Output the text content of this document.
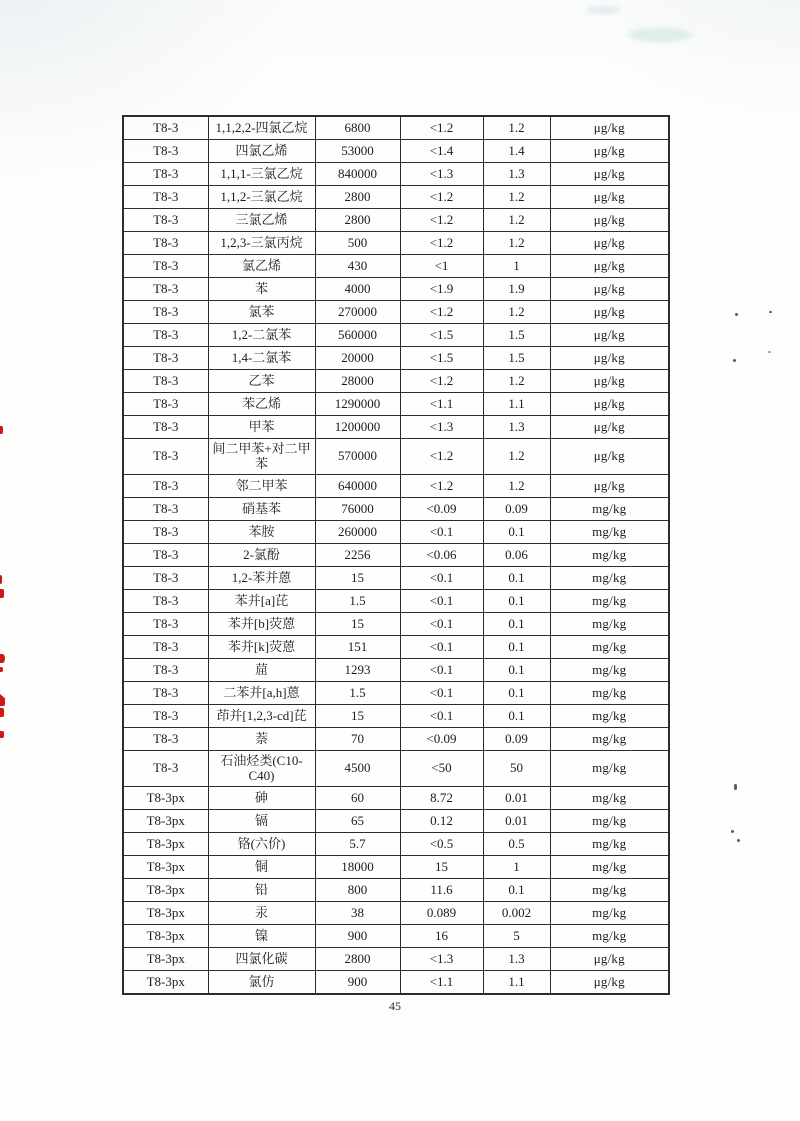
T8-3	1,1,2,2-四氯乙烷	6800	<1.2	1.2	μg/kg
T8-3	四氯乙烯	53000	<1.4	1.4	μg/kg
T8-3	1,1,1-三氯乙烷	840000	<1.3	1.3	μg/kg
T8-3	1,1,2-三氯乙烷	2800	<1.2	1.2	μg/kg
T8-3	三氯乙烯	2800	<1.2	1.2	μg/kg
T8-3	1,2,3-三氯丙烷	500	<1.2	1.2	μg/kg
T8-3	氯乙烯	430	<1	1	μg/kg
T8-3	苯	4000	<1.9	1.9	μg/kg
T8-3	氯苯	270000	<1.2	1.2	μg/kg
T8-3	1,2-二氯苯	560000	<1.5	1.5	μg/kg
T8-3	1,4-二氯苯	20000	<1.5	1.5	μg/kg
T8-3	乙苯	28000	<1.2	1.2	μg/kg
T8-3	苯乙烯	1290000	<1.1	1.1	μg/kg
T8-3	甲苯	1200000	<1.3	1.3	μg/kg
T8-3	间二甲苯+对二甲苯	570000	<1.2	1.2	μg/kg
T8-3	邻二甲苯	640000	<1.2	1.2	μg/kg
T8-3	硝基苯	76000	<0.09	0.09	mg/kg
T8-3	苯胺	260000	<0.1	0.1	mg/kg
T8-3	2-氯酚	2256	<0.06	0.06	mg/kg
T8-3	1,2-苯并蒽	15	<0.1	0.1	mg/kg
T8-3	苯并[a]芘	1.5	<0.1	0.1	mg/kg
T8-3	苯并[b]荧蒽	15	<0.1	0.1	mg/kg
T8-3	苯并[k]荧蒽	151	<0.1	0.1	mg/kg
T8-3	䓛	1293	<0.1	0.1	mg/kg
T8-3	二苯并[a,h]蒽	1.5	<0.1	0.1	mg/kg
T8-3	茚并[1,2,3-cd]芘	15	<0.1	0.1	mg/kg
T8-3	萘	70	<0.09	0.09	mg/kg
T8-3	石油烃类(C10-C40)	4500	<50	50	mg/kg
T8-3px	砷	60	8.72	0.01	mg/kg
T8-3px	镉	65	0.12	0.01	mg/kg
T8-3px	铬(六价)	5.7	<0.5	0.5	mg/kg
T8-3px	铜	18000	15	1	mg/kg
T8-3px	铅	800	11.6	0.1	mg/kg
T8-3px	汞	38	0.089	0.002	mg/kg
T8-3px	镍	900	16	5	mg/kg
T8-3px	四氯化碳	2800	<1.3	1.3	μg/kg
T8-3px	氯仿	900	<1.1	1.1	μg/kg
45
